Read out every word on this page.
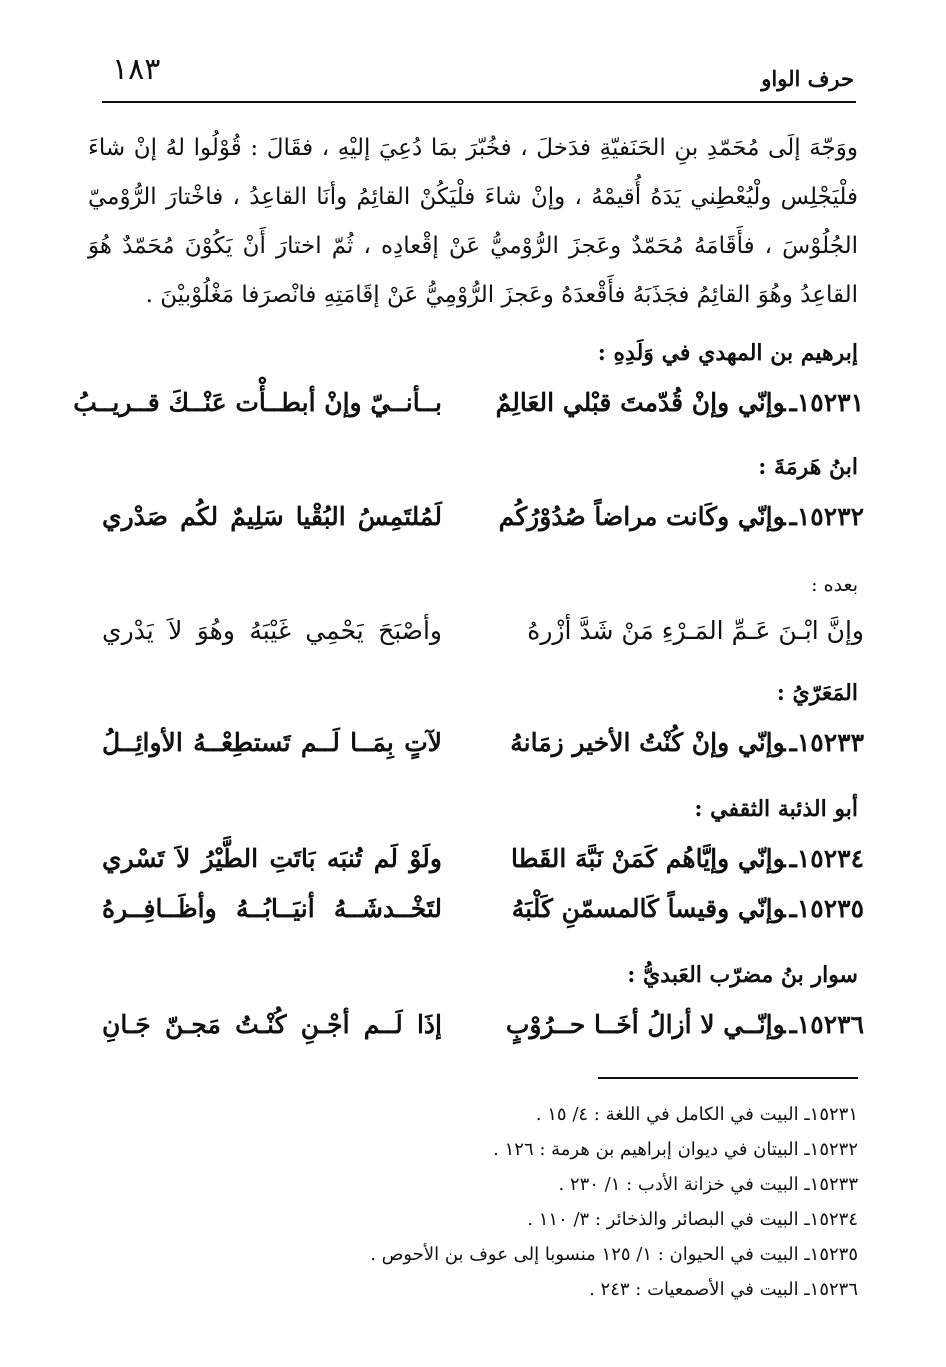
١٨٣	حرف الواو

ووَجّهَ إلَى مُحَمّدِ بنِ الحَنَفيّةِ فدَخلَ ، فخُبّرَ بمَا دُعِيَ إليْهِ ، فقَالَ : قُوْلُوا لهُ إنْ شاءَ فلْيَجْلِس ولْيُعْطِني يَدَهُ أُقيمْهُ ، وإنْ شاءَ فلْيَكُنْ القائِمُ وأنَا القاعِدُ ، فاخْتارَ الرُّوْميّ الجُلُوْسَ ، فأَقَامَهُ مُحَمّدٌ وعَجزَ الرُّوْميُّ عَنْ إقْعادِه ، ثُمّ اختارَ أَنْ يَكُوْنَ مُحَمّدٌ هُوَ القاعِدُ وهُوَ القائِمُ فجَذَبَهُ فأَقْعدَهُ وعَجزَ الرُّوْمِيُّ عَنْ إقَامَتِهِ فانْصرَفا مَغْلُوْبيْنَ .

إبرهيم بن المهدي في وَلَدِهِ :
١٥٢٣١ـوإنّي وإنْ قُدّمتَ قبْلي العَالِمٌ
بــأنــيّ وإنْ أبطــأْت عَنْــكَ قــريــبُ
ابنُ هَرمَةَ :
١٥٢٣٢ـوإنّي وكَانت مراضاً صُدُوْرُكُم
لَمُلتَمِسُ البُقْيا سَلِيمٌ لكُم صَدْري
بعده :
وإنَّ ابْـنَ عَـمِّ المَـرْءِ مَنْ شَدَّ أزْرهُ
وأصْبَحَ يَحْمِي غَيْبَهُ وهُوَ لاَ يَدْري
المَعَرّيُ :
١٥٢٣٣ـوإنّي وإنْ كُنْتُ الأخير زمَانهُ
لآتٍ بِمَــا لَــم تَستطِعْــهُ الأوائِــلُ
أبو الذئبة الثقفي :
١٥٢٣٤ـوإنّي وإيَّاهُم كَمَنْ نَبَّهَ القَطا
ولَوْ لَم تُنبَه بَاتَتِ الطَّيْرُ لاَ تَسْري
١٥٢٣٥ـوإنّي وقيساً كَالمسمّنِ كَلْبَهُ
لتَخْــدشَــهُ أنيَــابُــهُ وأظَــافِــرهُ
سوار بنُ مضرّب العَبديُّ :
١٥٢٣٦ـوإنّــي لا أزالُ أخَــا حــرُوْبٍ
إذَا لَــم أجْـنِ كُنْـتُ مَجـنّ جَـانِ
١٥٢٣١ـ البيت في الكامل في اللغة : ٤/ ١٥ .
١٥٢٣٢ـ البيتان في ديوان إبراهيم بن هرمة : ١٢٦ .
١٥٢٣٣ـ البيت في خزانة الأدب : ١/ ٢٣٠ .
١٥٢٣٤ـ البيت في البصائر والذخائر : ٣/ ١١٠ .
١٥٢٣٥ـ البيت في الحيوان : ١/ ١٢٥ منسوبا إلى عوف بن الأحوص .
١٥٢٣٦ـ البيت في الأصمعيات : ٢٤٣ .
